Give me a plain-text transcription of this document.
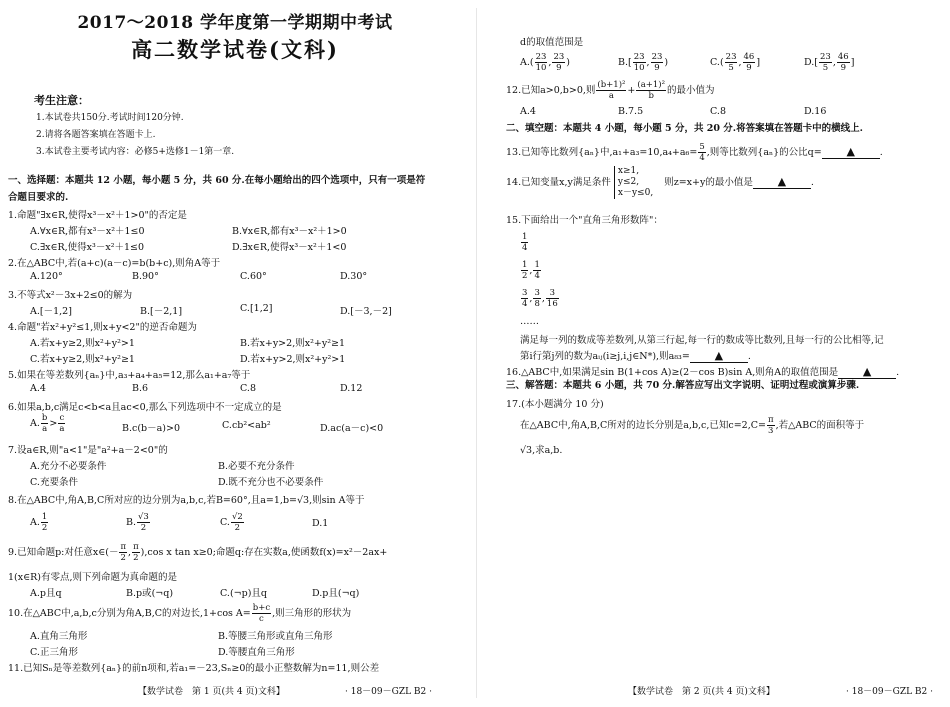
2017～2018 学年度第一学期期中考试
高二数学试卷(文科)
考生注意：
1.本试卷共150分.考试时间120分钟.
2.请将各题答案填在答题卡上.
3.本试卷主要考试内容：必修5+选修1－1第一章.
一、选择题：本题共 12 小题，每小题 5 分，共 60 分.在每小题给出的四个选项中，只有一项是符
合题目要求的.
1.命题"∃x∈R,使得x³－x²＋1>0"的否定是
A.∀x∈R,都有x³－x²＋1≤0	B.∀x∈R,都有x³－x²＋1>0
C.∃x∈R,使得x³－x²＋1≤0	D.∃x∈R,使得x³－x²＋1<0
2.在△ABC中,若(a+c)(a－c)=b(b+c),则角A等于
A.120°	B.90°	C.60°	D.30°
3.不等式x²－3x+2≤0的解为
A.[－1,2]	B.[－2,1]	C.[1,2]	D.[－3,－2]
4.命题"若x²+y²≤1,则x+y<2"的逆否命题为
A.若x+y≥2,则x²+y²>1	B.若x+y>2,则x²+y²≥1
C.若x+y≥2,则x²+y²≥1	D.若x+y>2,则x²+y²>1
5.如果在等差数列{aₙ}中,a₃+a₄+a₅=12,那么a₁+a₇等于
A.4	B.6	C.8	D.12
6.如果a,b,c满足c<b<a且ac<0,那么下列选项中不一定成立的是
A. $\frac{b}{a} > \frac{c}{a}$	B.c(b－a)>0	C.cb²<ab²	D.ac(a－c)<0
7.设a∈R,则"a<1"是"a²+a－2<0"的
A.充分不必要条件	B.必要不充分条件
C.充要条件	D.既不充分也不必要条件
8.在△ABC中,角A,B,C所对应的边分别为a,b,c,若B=60°,且a=1,b=√3,则sin A等于
A. $\frac{1}{2}$	B. $\frac{√3}{2}$	C. $\frac{√2}{2}$	D.1
9.已知命题p:对任意x∈(－ $\frac{\pi}{2}$ , $\frac{\pi}{2} ),\cos$ x tan x≥0;命题q:存在实数a,使函数f(x)=x²－2ax+
1(x∈R)有零点,则下列命题为真命题的是
A.p且q	B.p或(¬q)	C.(¬p)且q	D.p且(¬q)
10.在△ABC中,a,b,c分别为角A,B,C的对边长,1+cos $A= \frac{b+c}{c}$ ,则三角形的形状为
A.直角三角形	B.等腰三角形或直角三角形
C.正三角形	D.等腰直角三角形
11.已知Sₙ是等差数列{aₙ}的前n项和,若a₁=－23,Sₙ≥0的最小正整数解为n=11,则公差
【数学试卷　第 1 页(共 4 页)文科】	· 18－09－GZL B2 ·
d的取值范围是
$A.( \frac{23}{10}$ , $\frac{23}{9}$ )	$B.[ \frac{23}{10}$ , $\frac{23}{9}$ )	$C.( \frac{23}{5}$ , $\frac{46}{9}$ ]	$D.[ \frac{23}{5}$ , $\frac{46}{9}$ ]
12.已知a>0,b>0,则 $\frac{\text{(b+1)²}}{a} + \frac{\text{(a+1)²}}{b}$ 的最小值为
A.4	B.7.5	C.8	D.16
二、填空题：本题共 4 小题，每小题 5 分，共 20 分.将答案填在答题卡中的横线上.
13.已知等比数列{aₙ}中$,a_1+a_3=10,a_4+a_6= \frac{5}{4}$ ,则等比数列{aₙ}的公比q= ▲	.
14.已知变量x,y满足条件
x≥1,
y≤2,
x－y≤0,
则z=x+y的最小值是 ▲	.
15.下面给出一个"直角三角形数阵"：
$\frac{1}{4}$
$\frac{1}{2}$ , $\frac{1}{4}$
$\frac{3}{4}$ , $\frac{3}{8}$ , $\frac{3}{16}$
……
满足每一列的数成等差数列,从第三行起,每一行的数成等比数列,且每一行的公比相等,记
第i行第j列的数为aᵢⱼ(i≥j,i,j∈N*),则a₈₃= ▲	.
16.△ABC中,如果满足sin B(1+cos A)≥(2－cos B)sin A,则角A的取值范围是 ▲	.
三、解答题：本题共 6 小题，共 70 分.解答应写出文字说明、证明过程或演算步骤.
17.(本小题满分 10 分)
在△ABC中,角A,B,C所对的边长分别是a,b,c,已知$c=2,C= \frac{\pi}{3}$ ,若△ABC的面积等于
√3,求a,b.
【数学试卷　第 2 页(共 4 页)文科】	· 18－09－GZL B2 ·
